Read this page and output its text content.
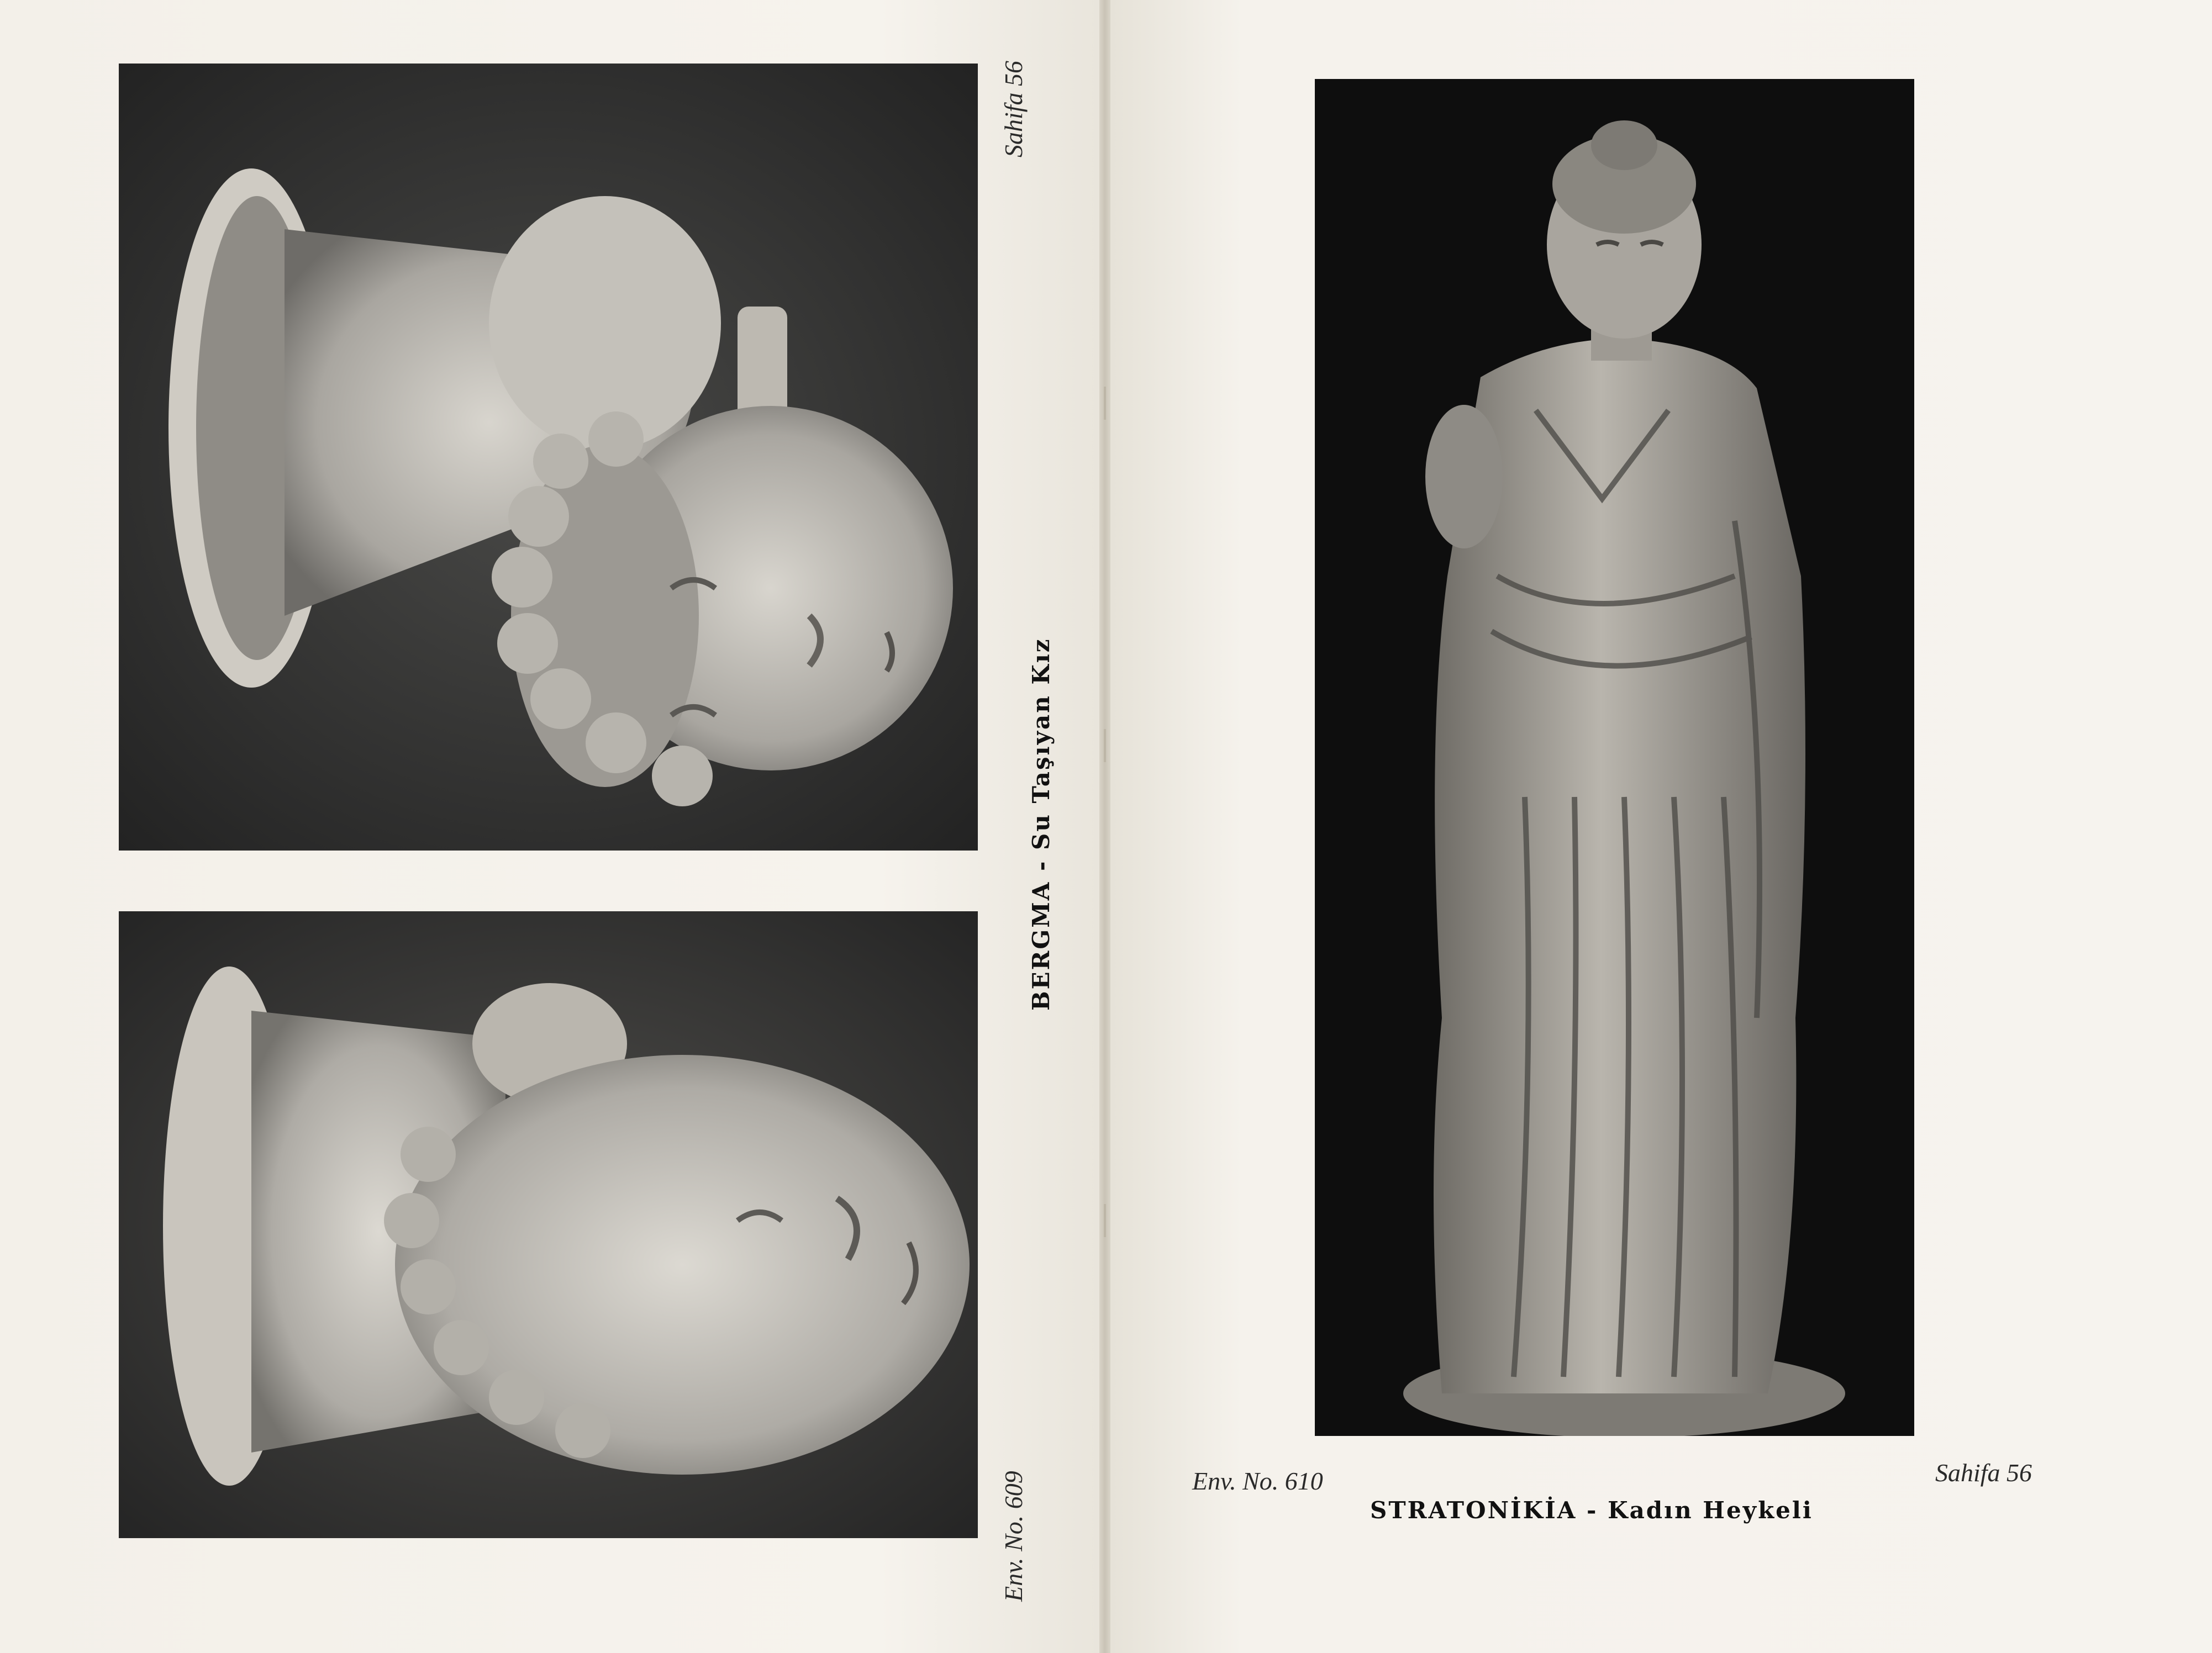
Sahifa 56
BERGMA - Su Taşıyan Kız
Env. No. 609	Env. No. 610	Sahifa 56
STRATONİKİA - Kadın Heykeli
